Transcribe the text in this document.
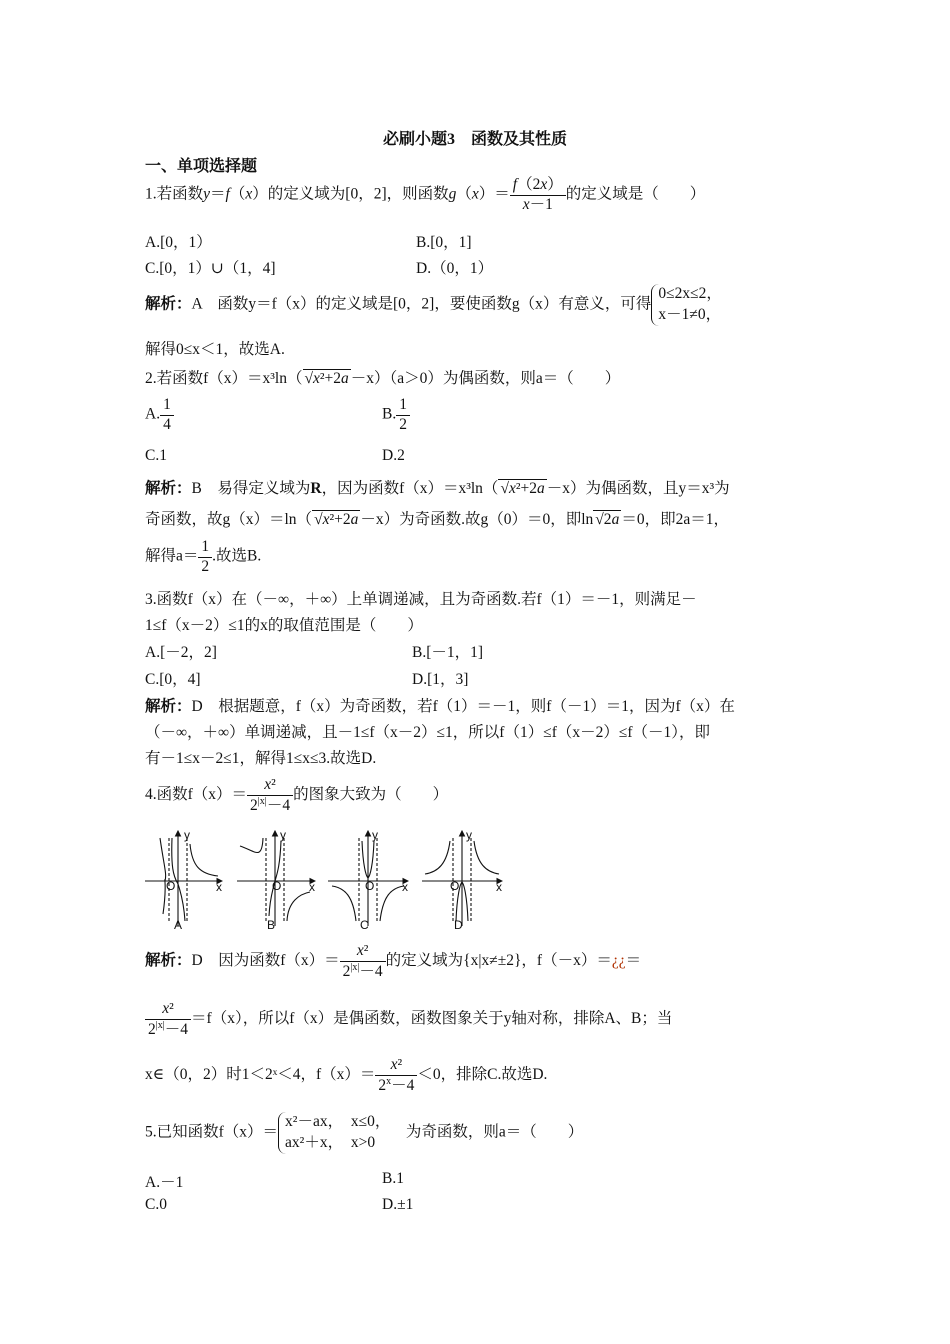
必刷小题3　函数及其性质
一、单项选择题
1.若函数y＝f（x）的定义域为[0，2]，则函数$g(x)= \frac{f(2x)}{x-1}$ 的定义域是（　　）
A.[0，1）	B.[0，1]
C.[0，1）∪（1，4]	D.（0，1）
解析：A　函数y＝f（x）的定义域是[0，2]，要使函数g（x）有意义，可得
0≤2x≤2，
x－1≠0，
解得0≤x＜1，故选A.
2.若函数f（x）＝x³ln（ √x²+2a －x）（a＞0）为偶函数，则a＝（　　）
A. $\frac{1}{4}$	B. $\frac{1}{2}$
C.1	D.2
解析：B　易得定义域为R，因为函数f（x）＝x³ln（ √x²+2a －x）为偶函数，且y＝x³为
奇函数，故g（x）＝ln（ √x²+2a －x）为奇函数.故g（0）＝0，即ln √2a ＝0，即2a＝1，
解得$a= \frac{1}{2}$ .故选B.
3.函数f（x）在（－∞，＋∞）上单调递减，且为奇函数.若f（1）＝－1，则满足－
1≤f（x－2）≤1的x的取值范围是（　　）
A.[－2，2]	B.[－1，1]
C.[0，4]	D.[1，3]
解析：D　根据题意，f（x）为奇函数，若f（1）＝－1，则f（－1）＝1，因为f（x）在
（－∞，＋∞）单调递减，且－1≤f（x－2）≤1，所以f（1）≤f（x－2）≤f（－1），即
有－1≤x－2≤1，解得1≤x≤3.故选D.
4.函数$f(x)= \frac{\text{x²}}{2^{|x|}-4}$ 的图象大致为（　　）
y
x
O
y
x
O
y
x
O
y
x
O
A	B	C	D
解析：D　因为函数$f(x)= \frac{\text{x²}}{2^{|x|}-4}$ 的定义域为{x|x≠±2}，f（－x）＝¿¿＝
$\frac{\text{x²}}{2^{|x|}-4} =f(x)$，所以f（x）是偶函数，函数图象关于y轴对称，排除A、B；当
x∈（0，2）时1＜2ˣ＜4，$f(x)= \frac{\text{x²}}{2^x-4} <0$，排除C.故选D.
5.已知函数f（x）＝
x²－ax，　x≤0，
ax²＋x，　x>0
　为奇函数，则a＝（　　）
A.－1	B.1
C.0	D.±1
